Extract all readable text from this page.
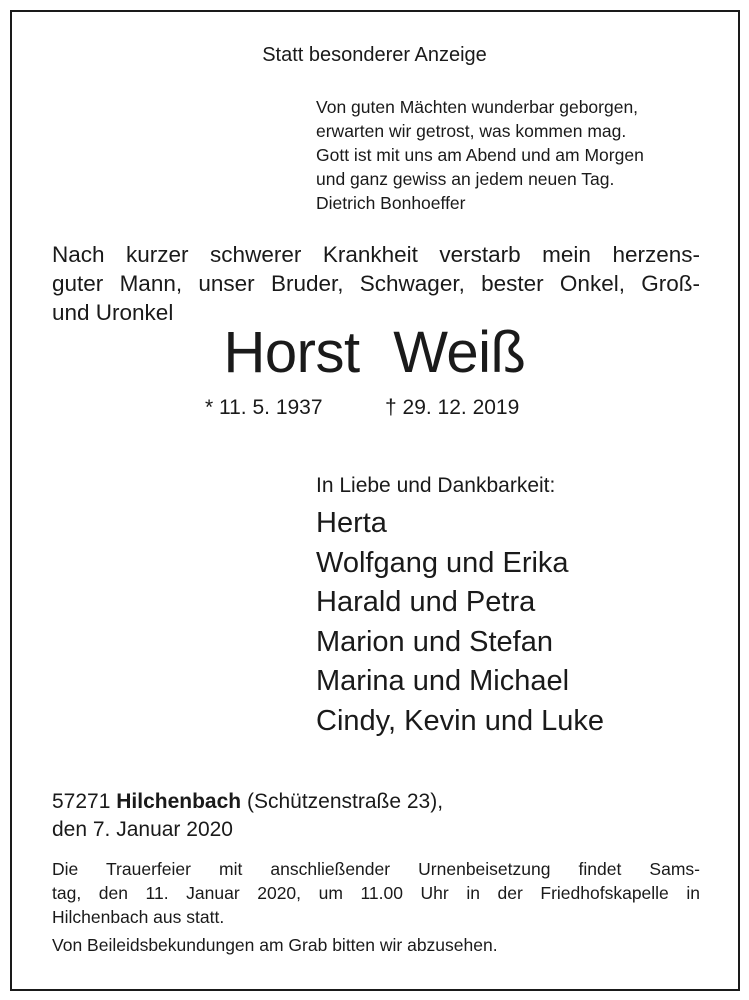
Statt besonderer Anzeige
Von guten Mächten wunderbar geborgen,
erwarten wir getrost, was kommen mag.
Gott ist mit uns am Abend und am Morgen
und ganz gewiss an jedem neuen Tag.
Dietrich Bonhoeffer
Nach kurzer schwerer Krankheit verstarb mein herzens-
guter Mann, unser Bruder, Schwager, bester Onkel, Groß-
und Uronkel
Horst Weiß
* 11. 5. 1937	† 29. 12. 2019
In Liebe und Dankbarkeit:
Herta
Wolfgang und Erika
Harald und Petra
Marion und Stefan
Marina und Michael
Cindy, Kevin und Luke
57271 Hilchenbach (Schützenstraße 23),
den 7. Januar 2020
Die Trauerfeier mit anschließender Urnenbeisetzung findet Sams-
tag, den 11. Januar 2020, um 11.00 Uhr in der Friedhofskapelle in
Hilchenbach aus statt.
Von Beileidsbekundungen am Grab bitten wir abzusehen.
